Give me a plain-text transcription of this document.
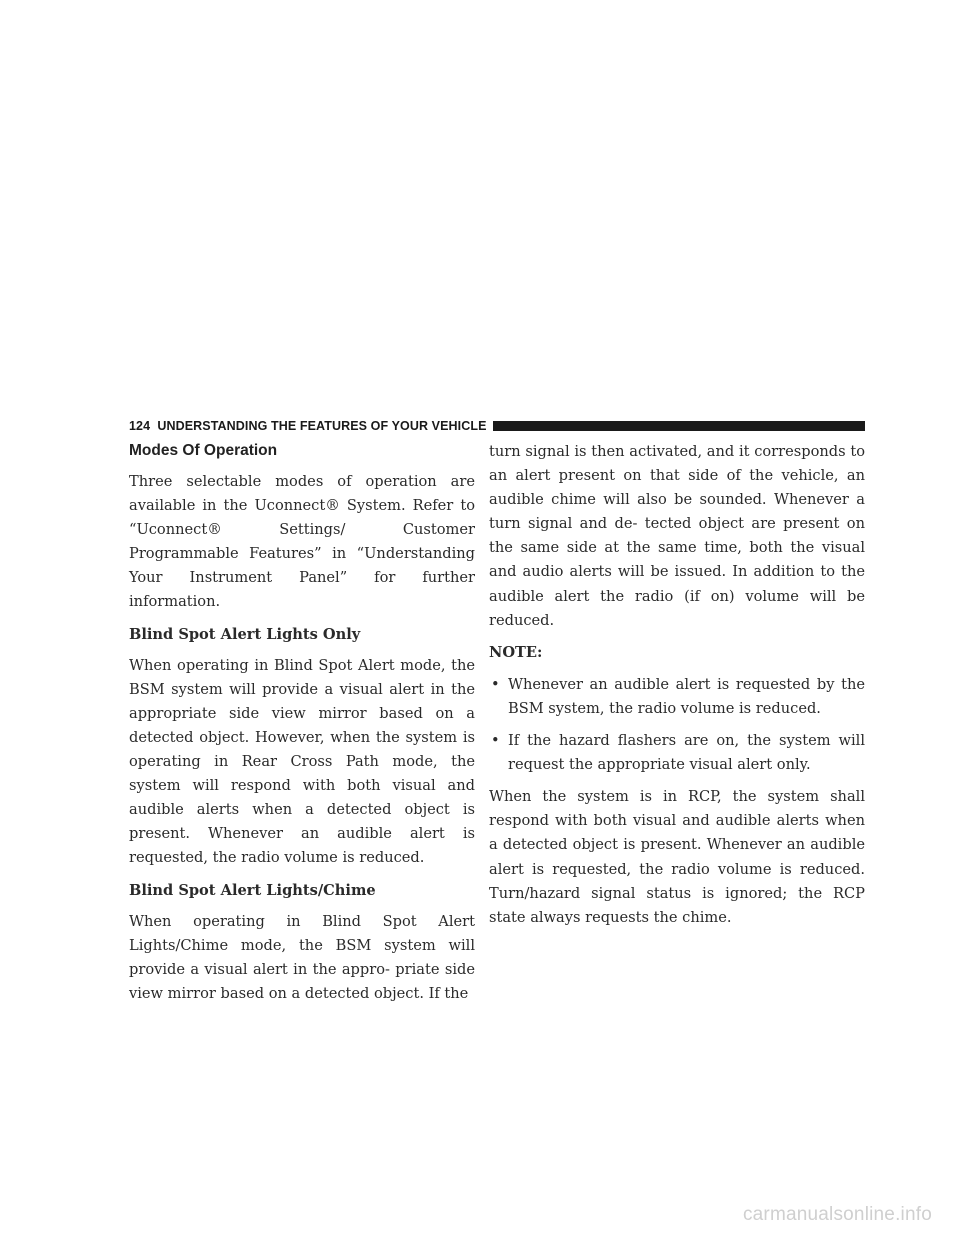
124 UNDERSTANDING THE FEATURES OF YOUR VEHICLE
Modes Of Operation

Three selectable modes of operation are available in the Uconnect® System. Refer to “Uconnect® Settings/ Customer Programmable Features” in “Understanding Your Instrument Panel” for further information.

Blind Spot Alert Lights Only

When operating in Blind Spot Alert mode, the BSM system will provide a visual alert in the appropriate side view mirror based on a detected object. However, when the system is operating in Rear Cross Path mode, the system will respond with both visual and audible alerts when a detected object is present. Whenever an audible alert is requested, the radio volume is reduced.

Blind Spot Alert Lights/Chime

When operating in Blind Spot Alert Lights/Chime mode, the BSM system will provide a visual alert in the appro- priate side view mirror based on a detected object. If the

turn signal is then activated, and it corresponds to an alert present on that side of the vehicle, an audible chime will also be sounded. Whenever a turn signal and de- tected object are present on the same side at the same time, both the visual and audio alerts will be issued. In addition to the audible alert the radio (if on) volume will be reduced.

NOTE:
• Whenever an audible alert is requested by the BSM system, the radio volume is reduced.
• If the hazard flashers are on, the system will request the appropriate visual alert only.

When the system is in RCP, the system shall respond with both visual and audible alerts when a detected object is present. Whenever an audible alert is requested, the radio volume is reduced. Turn/hazard signal status is ignored; the RCP state always requests the chime.

carmanualsonline.info
